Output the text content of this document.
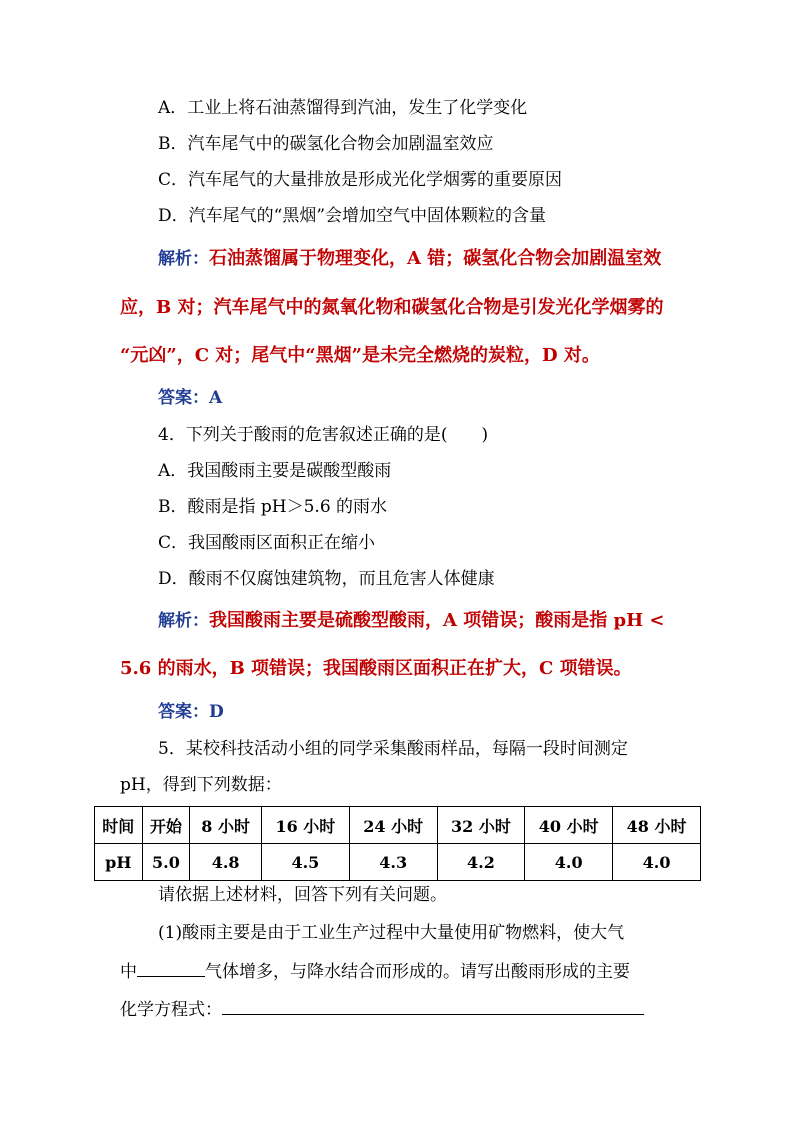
A．工业上将石油蒸馏得到汽油，发生了化学变化
B．汽车尾气中的碳氢化合物会加剧温室效应
C．汽车尾气的大量排放是形成光化学烟雾的重要原因
D．汽车尾气的“黑烟”会增加空气中固体颗粒的含量
解析：石油蒸馏属于物理变化，A 错；碳氢化合物会加剧温室效
应，B 对；汽车尾气中的氮氧化物和碳氢化合物是引发光化学烟雾的
“元凶”，C 对；尾气中“黑烟”是未完全燃烧的炭粒，D 对。
答案：A
4．下列关于酸雨的危害叙述正确的是(　　)
A．我国酸雨主要是碳酸型酸雨
B．酸雨是指 pH＞5.6 的雨水
C．我国酸雨区面积正在缩小
D．酸雨不仅腐蚀建筑物，而且危害人体健康
解析：我国酸雨主要是硫酸型酸雨，A 项错误；酸雨是指 pH <
5.6 的雨水，B 项错误；我国酸雨区面积正在扩大，C 项错误。
答案：D
5．某校科技活动小组的同学采集酸雨样品，每隔一段时间测定
pH，得到下列数据：
时间	开始	8 小时	16 小时	24 小时	32 小时	40 小时	48 小时
pH	5.0	4.8	4.5	4.3	4.2	4.0	4.0
请依据上述材料，回答下列有关问题。
(1)酸雨主要是由于工业生产过程中大量使用矿物燃料，使大气
中	气体增多，与降水结合而形成的。请写出酸雨形成的主要
化学方程式：
